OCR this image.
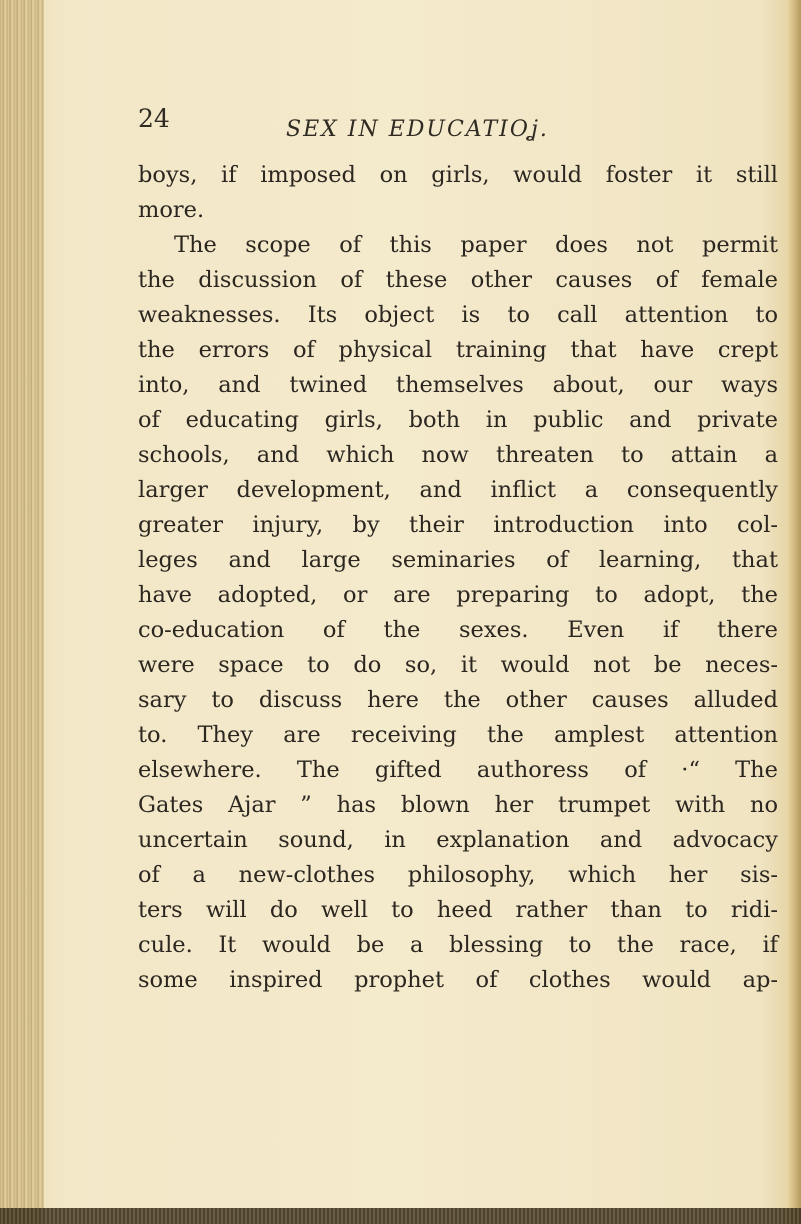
24	SEX IN EDUCATIOʝ.
boys, if imposed on girls, would foster it still
more.
The scope of this paper does not permit
the discussion of these other causes of female
weaknesses. Its object is to call attention to
the errors of physical training that have crept
into, and twined themselves about, our ways
of educating girls, both in public and private
schools, and which now threaten to attain a
larger development, and inflict a consequently
greater injury, by their introduction into col-
leges and large seminaries of learning, that
have adopted, or are preparing to adopt, the
co-education of the sexes. Even if there
were space to do so, it would not be neces-
sary to discuss here the other causes alluded
to. They are receiving the amplest attention
elsewhere. The gifted authoress of ·“ The
Gates Ajar ” has blown her trumpet with no
uncertain sound, in explanation and advocacy
of a new-clothes philosophy, which her sis-
ters will do well to heed rather than to ridi-
cule. It would be a blessing to the race, if
some inspired prophet of clothes would ap-
